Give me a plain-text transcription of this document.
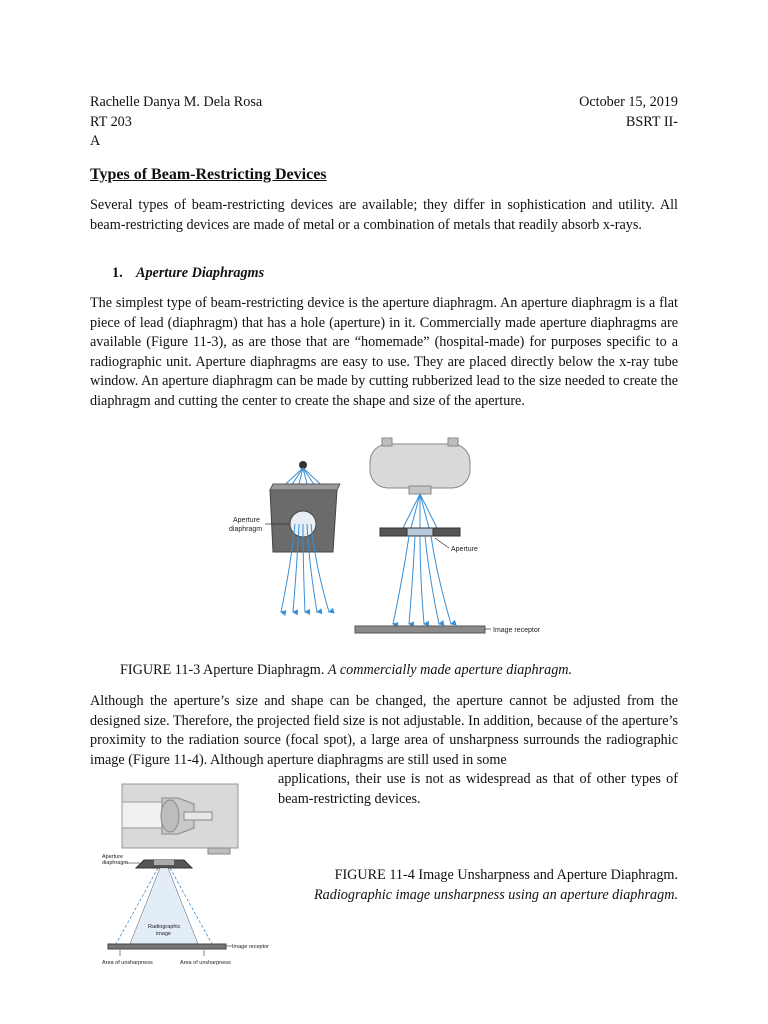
Rachelle Danya M. Dela Rosa
RT 203
A

October 15, 2019
BSRT II-

Types of Beam-Restricting Devices

Several types of beam-restricting devices are available; they differ in sophistication and utility. All beam-restricting devices are made of metal or a combination of metals that readily absorb x-rays.

1. Aperture Diaphragms

The simplest type of beam-restricting device is the aperture diaphragm. An aperture diaphragm is a flat piece of lead (diaphragm) that has a hole (aperture) in it. Commercially made aperture diaphragms are available (Figure 11-3), as are those that are “homemade” (hospital-made) for purposes specific to a radiographic unit. Aperture diaphragms are easy to use. They are placed directly below the x-ray tube window. An aperture diaphragm can be made by cutting rubberized lead to the size needed to create the diaphragm and cutting the center to create the shape and size of the aperture.

Aperture
diaphragm
Aperture
Image receptor

FIGURE 11-3 Aperture Diaphragm. A commercially made aperture diaphragm.

Although the aperture’s size and shape can be changed, the aperture cannot be adjusted from the designed size. Therefore, the projected field size is not adjustable. In addition, because of the aperture’s proximity to the radiation source (focal spot), a large area of unsharpness surrounds the radiographic image (Figure 11-4). Although aperture diaphragms are still used in some

applications, their use is not as widespread as that of other types of beam-restricting devices.

Aperture
diaphragm
Radiographic
image
Image receptor
Area of unsharpness	Area of unsharpness

FIGURE 11-4 Image Unsharpness and Aperture Diaphragm.
Radiographic image unsharpness using an aperture diaphragm.
